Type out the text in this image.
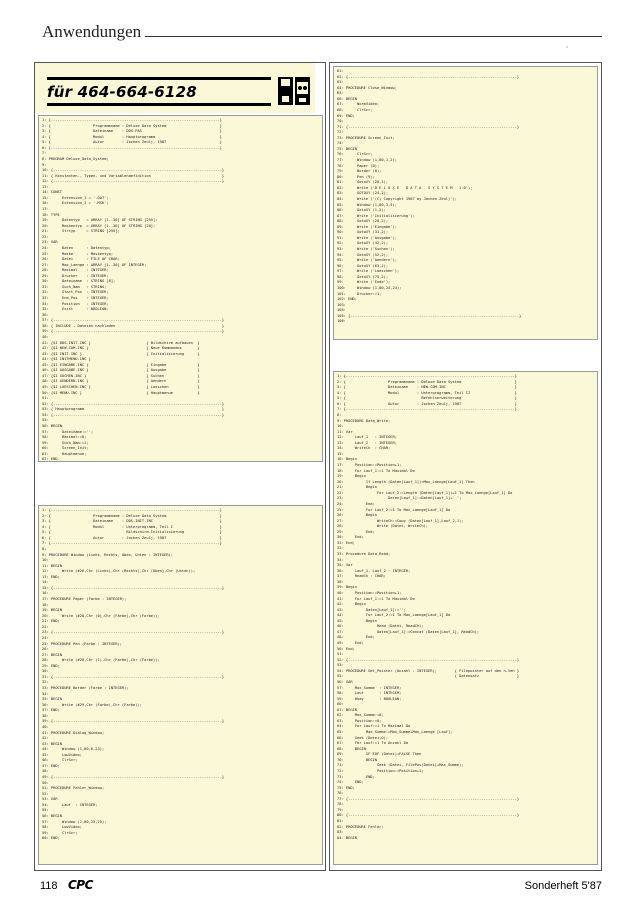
Anwendungen
für 464-664-6128
1: {----------------------------------------------------------------------------}
2: {                   Programmname : Deluxe Data System                        }
3: {                   Dateiname    : DDS.PAS                                   }
4: {                   Modul        : Hauptprogramm                             }
5: {                   Autor        : Jochen Zeulj, 1987                        }
6: {----------------------------------------------------------------------------}
7:
8: PROGRAM Deluxe_Data_System;
9:
10: {----------------------------------------------------------------------------}
11: { Konstanten-, Typen- und Variablendefinition                                }
12: {----------------------------------------------------------------------------}
13:
14: CONST
15:      Extension_1 = '.DAT';
16:      Extension_2 = '.MSK';
17:
18: TYPE
19:      Datentyp   = ARRAY [1..30] OF STRING [255];
20:      Maskentyp  = ARRAY [1..30] OF STRING [20];
21:      Strtyp     = STRING [255];
22:
23: VAR
24:      Daten      : Datentyp;
25:      Maske      : Maskentyp;
26:      Datei      : FILE OF CHAR;
27:      Max_Laenge : ARRAY [1..30] OF INTEGER;
28:      Maximal    : INTEGER;
29:      Drucker    : INTEGER;
30:      Dateiname  : STRING [8];
31:      Such_Nam   : STRING;
32:      Start_Pos  : INTEGER;
33:      End_Pos    : INTEGER;
34:      Position   : INTEGER;
35:      Exist      : BOOLEAN;
36:
37: {----------------------------------------------------------------------------}
38: { INCLUDE - Dateien nachladen                                                }
39: {----------------------------------------------------------------------------}
40:
41: {$I DDS-INIT.INC }                         { Bildschirm aufbauen  }
42: {$I NEW-COM.INC }                          { Neue Kommandos       }
43: {$I INIT.INC }                             { Initialisierung      }
44: {$I INITMENU.INC }
45: {$I EINGABE.INC }                          { Eingabe              }
46: {$I AUSGABE.INC }                          { Ausgabe              }
47: {$I SUCHEN.INC }                           { Suchen               }
48: {$I AENDERN.INC }                          { Aendern              }
49: {$I LOESCHEN.INC }                         { Loeschen             }
50: {$I MENU.INC }                             { Hauptmenue           }
51:
52: {----------------------------------------------------------------------------}
53: { Hauptprogramm                                                              }
54: {----------------------------------------------------------------------------}
55:
56: BEGIN
57:      Dateiname:='';
58:      Maximal:=0;
59:      Such_Nam:=1;
60:      Screen_Init;
61:      Hauptmenue;
62: END.
1: {----------------------------------------------------------------------------}
2: {                   Programmname : Deluxe Data System                        }
3: {                   Dateiname    : DDS-INIT.INC                              }
4: {                   Modul        : Unterprogramm, Teil I                     }
5: {                                  Bildschirm-Initialisierung                }
6: {                   Autor        : Jochen Zeulj, 1987                        }
7: {----------------------------------------------------------------------------}
8:
9: PROCEDURE Window (Links, Rechts, Oben, Unten : INTEGER);
10:
11: BEGIN
12:      Write (#26,Chr (Links),Chr (Rechts),Chr (Oben),Chr (Unten));
13: END;
14:
15: {----------------------------------------------------------------------------}
16:
17: PROCEDURE Paper (Farbe : INTEGER);
18:
19: BEGIN
20:      Write (#28,Chr (0),Chr (Farbe),Chr (Farbe));
21: END;
22:
23: {----------------------------------------------------------------------------}
24:
25: PROCEDURE Pen (Farbe : INTEGER);
26:
27: BEGIN
28:      Write (#28,Chr (1),Chr (Farbe),Chr (Farbe));
29: END;
30:
31: {----------------------------------------------------------------------------}
32:
33: PROCEDURE Border (Farbe : INTEGER);
34:
35: BEGIN
36:      Write (#29,Chr (Farbe),Chr (Farbe));
37: END;
38:
39: {----------------------------------------------------------------------------}
40:
41: PROCEDURE Dialog_Window;
42:
43: BEGIN
44:      Window (1,80,6,23);
45:      LowVideo;
46:      ClrScr;
47: END;
48:
49: {----------------------------------------------------------------------------}
50:
51: PROCEDURE Fehler_Window;
52:
53: VAR
54:      Lauf  : INTEGER;
55:
56: BEGIN
57:      Window (1,80,25,25);
58:      LowVideo;
59:      ClrScr;
60: END;
61:
62: {----------------------------------------------------------------------------}
63:
64: PROCEDURE Close_Window;
65:
66: BEGIN
67:      NormVideo;
68:      ClrScr;
69: END;
70:
71: {----------------------------------------------------------------------------}
72:
73: PROCEDURE Screen_Init;
74:
75: BEGIN
76:      ClrScr;
77:      Window (1,80,1,2);
78:      Paper (0);
79:      Border (0);
80:      Pen (9);
81:      GotoXY (20,1);
82:      Write ('D E L U X E   D A T A   S Y S T E M   1.0');
83:      GOTOXY (24,2);
84:      Write ('(C) Copyright 1987 by Jochen Zeulj');
85:      Window (1,80,3,5);
86:      GotoXY (1,2);
87:      Write ('Initialisierung');
88:      GotoXY (20,2);
89:      Write ('Eingabe');
90:      GotoXY (31,2);
91:      Write ('Ausgabe');
92:      GotoXY (42,2);
93:      Write ('Suchen');
94:      GotoXY (52,2);
95:      Write ('Aendern');
96:      GotoXY (63,2);
97:      Write ('Loeschen');
98:      GotoXY (75,2);
99:      Write ('Ende');
100:     Window (1,80,24,24);
101:     Drucker:=1;
102: END;
103:
104:
105: {----------------------------------------------------------------------------}
106:
1: {----------------------------------------------------------------------------}
2: {                   Programmname : Deluxe Data System                        }
3: {                   Dateiname    : NEW-COM.INC                               }
4: {                   Modul        : Unterprogramm, Teil II                    }
5: {                                  Befehlserweiterung                        }
6: {                   Autor        : Jochen Zeulj, 1987                        }
7: {----------------------------------------------------------------------------}
8:
9: PROCEDURE Data_Write;
10:
11: Var
12:     Lauf_1   : INTEGER;
13:     Lauf_2   : INTEGER;
14:     WriteCh  : CHAR;
15:
16: Begin
17:     Position:=Position+1;
18:     For Lauf_1:=1 To Maximal Do
19:     Begin
20:          If Length (Daten[Lauf_1])<Max_Laenge[Lauf_1] Then
21:          Begin
22:               For Lauf_2:=Length (Daten[Lauf_1])+1 To Max_Laenge[Lauf_1] Do
23:                    Daten[Lauf_1]:=Daten[Lauf_1]+' ';
24:          End;
25:          For Lauf_2:=1 To Max_Laenge[Lauf_1] Do
26:          Begin
27:               WriteCh:=Copy (Daten[Lauf_1],Lauf_2,1);
28:               Write (Datei, WriteCh);
29:          End;
30:     End;
31: End;
32:
33: Procedure Data_Read;
34:
35: Var
36:     Lauf_1, Lauf_2 : INTEGER;
37:     ReadCh : CHAR;
38:
39: Begin
40:     Position:=Position+1;
41:     For Lauf_1:=1 To Maximal Do
42:     Begin
43:          Daten[Lauf_1]:='';
44:          For Lauf_2:=1 To Max_Laenge[Lauf_1] Do
45:          Begin
46:               Read (Datei, ReadCh);
47:               Daten[Lauf_1]:=Concat (Daten[Lauf_1], ReadCh);
48:          End;
49:     End;
50: End;
51:
52: {----------------------------------------------------------------------------}
53:
54: PROCEDURE Get_Pointer (Anzahl : INTEGER);        { Filepointer auf den n-ten }
55:                                                  { Datensatz                 }
56: VAR
57:     Max_Summe  : INTEGER;
58:     Lauf       : INTEGER;
59:     Okay       : BOOLEAN;
60:
61: BEGIN
62:     Max_Summe:=0;
63:     Position:=0;
64:     For Lauf:=1 To Maximal Do
65:          Max_Summe:=Max_Summe+Max_Laenge [Lauf];
66:     Seek (Datei,0);
67:     For Lauf:=1 To Anzahl Do
68:     BEGIN
69:          IF EOF (Datei)=FALSE Then
70:          BEGIN
71:               Seek (Datei, FilePos(Datei)+Max_Summe);
72:               Position:=Position+1;
73:          END;
74:     END;
75: END;
76:
77: {----------------------------------------------------------------------------}
78:
79:
80: {----------------------------------------------------------------------------}
81:
82: PROCEDURE Fehler;
83:
84: BEGIN
118 CPC	Sonderheft 5'87
